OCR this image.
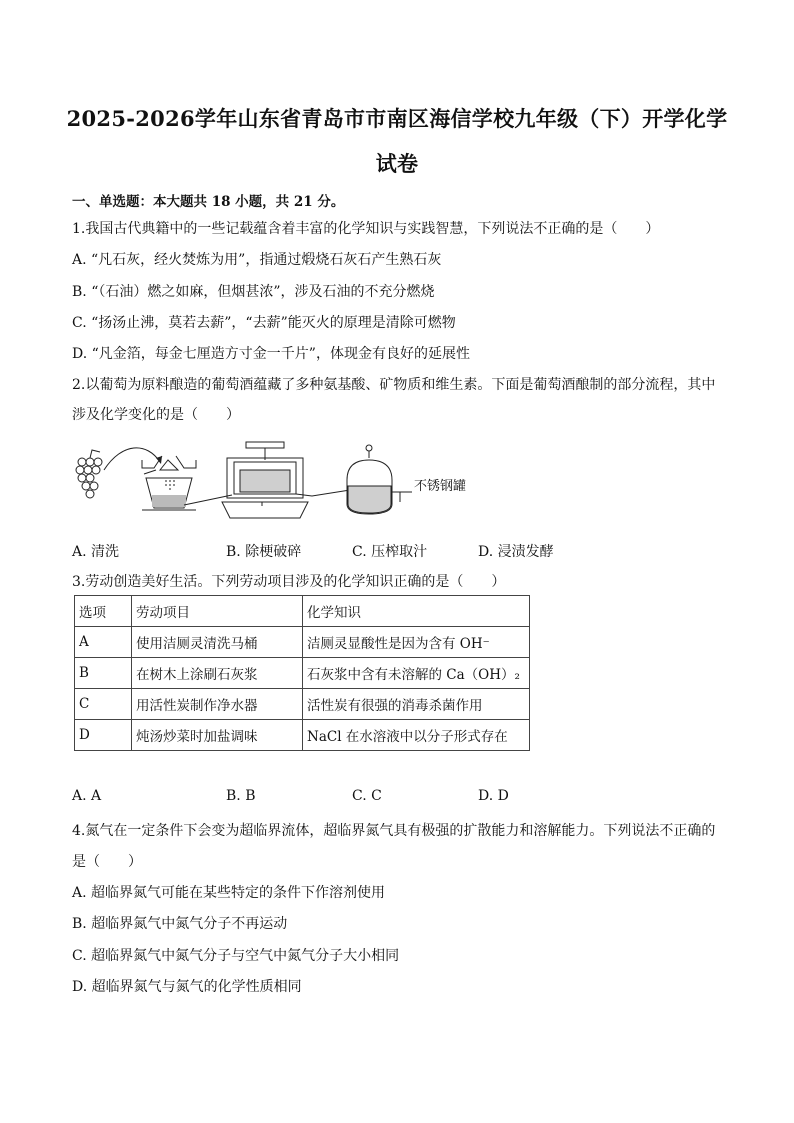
2025-2026学年山东省青岛市市南区海信学校九年级（下）开学化学
试卷
一、单选题：本大题共 18 小题，共 21 分。
1.我国古代典籍中的一些记载蕴含着丰富的化学知识与实践智慧，下列说法不正确的是（　　）
A. “凡石灰，经火焚炼为用”，指通过煅烧石灰石产生熟石灰
B. “（石油）燃之如麻，但烟甚浓”，涉及石油的不充分燃烧
C. “扬汤止沸，莫若去薪”，“去薪”能灭火的原理是清除可燃物
D. “凡金箔，每金七厘造方寸金一千片”，体现金有良好的延展性
2.以葡萄为原料酿造的葡萄酒蕴藏了多种氨基酸、矿物质和维生素。下面是葡萄酒酿制的部分流程，其中
涉及化学变化的是（　　）
不锈钢罐
A. 清洗	B. 除梗破碎	C. 压榨取汁	D. 浸渍发酵
3.劳动创造美好生活。下列劳动项目涉及的化学知识正确的是（　　）
选项	劳动项目	化学知识
A	使用洁厕灵清洗马桶	洁厕灵显酸性是因为含有 OH⁻
B	在树木上涂刷石灰浆	石灰浆中含有未溶解的 Ca（OH）₂
C	用活性炭制作净水器	活性炭有很强的消毒杀菌作用
D	炖汤炒菜时加盐调味	NaCl 在水溶液中以分子形式存在
A. A	B. B	C. C	D. D
4.氮气在一定条件下会变为超临界流体，超临界氮气具有极强的扩散能力和溶解能力。下列说法不正确的
是（　　）
A. 超临界氮气可能在某些特定的条件下作溶剂使用
B. 超临界氮气中氮气分子不再运动
C. 超临界氮气中氮气分子与空气中氮气分子大小相同
D. 超临界氮气与氮气的化学性质相同
